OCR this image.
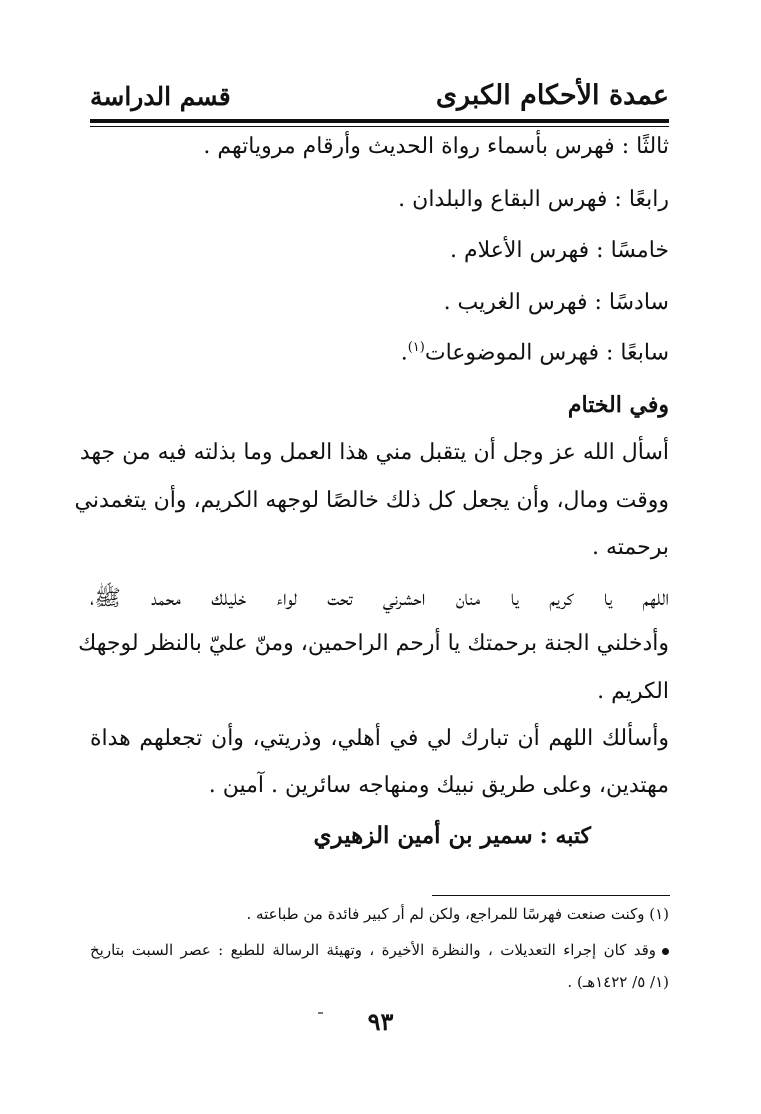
عمدة الأحكام الكبرى
قسم الدراسة
ثالثًا : فهرس بأسماء رواة الحديث وأرقام مروياتهم .
رابعًا : فهرس البقاع والبلدان .
خامسًا : فهرس الأعلام .
سادسًا : فهرس الغريب .
سابعًا : فهرس الموضوعات$^{(١)}$.
وفي الختام
أسأل الله عز وجل أن يتقبل مني هذا العمل وما بذلته فيه من جهد
ووقت ومال، وأن يجعل كل ذلك خالصًا لوجهه الكريم، وأن يتغمدني
برحمته .
اللهم يا كريم يا منان احشرني تحت لواء خليلك محمد ﷺ،
وأدخلني الجنة برحمتك يا أرحم الراحمين، ومنّ عليّ بالنظر لوجهك
الكريم .
وأسألك اللهم أن تبارك لي في أهلي، وذريتي، وأن تجعلهم هداة
مهتدين، وعلى طريق نبيك ومنهاجه سائرين . آمين .
كتبه : سمير بن أمين الزهيري
(١) وكنت صنعت فهرسًا للمراجع، ولكن لم أر كبير فائدة من طباعته .
وقد كان إجراء التعديلات ، والنظرة الأخيرة ، وتهيئة الرسالة للطبع : عصر السبت بتاريخ
(١/ ٥/ ١٤٢٢هـ) .
٩٣
